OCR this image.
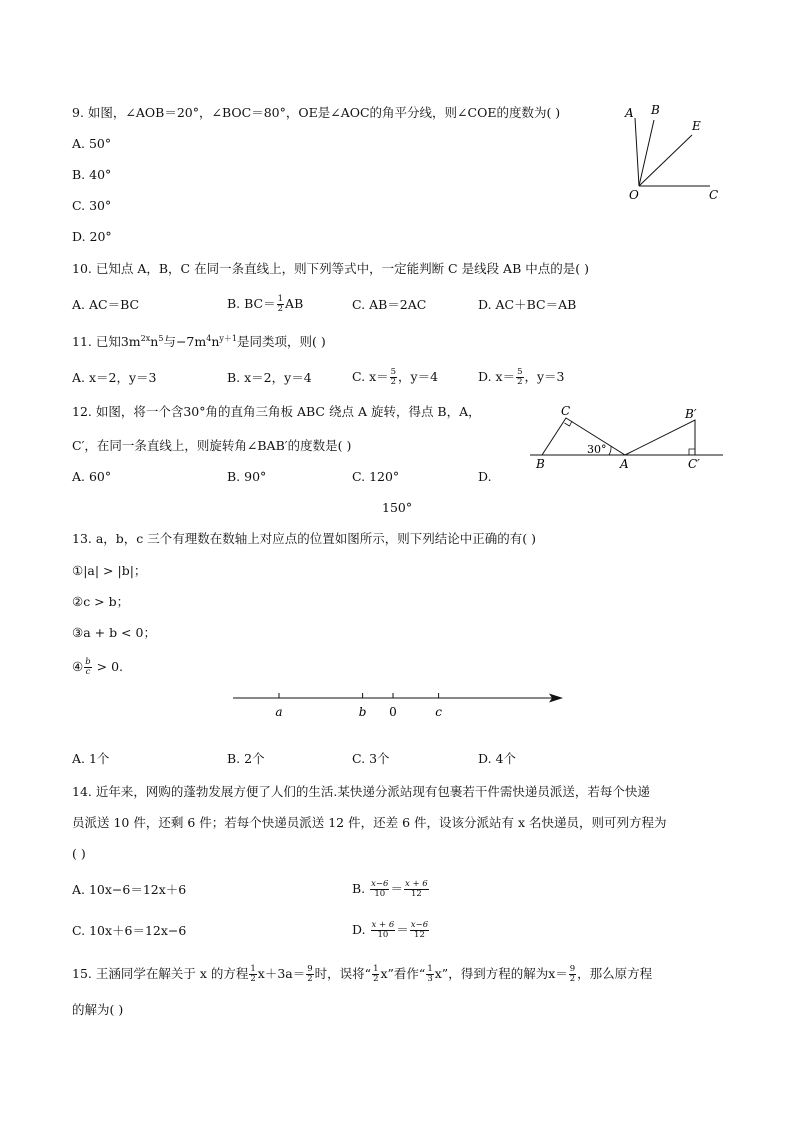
9. 如图，∠AOB＝20°，∠BOC＝80°，OE是∠AOC的角平分线，则∠COE的度数为( )
A. 50°
B. 40°
C. 30°
D. 20°
A B
E
O	C
10. 已知点 A，B，C 在同一条直线上，则下列等式中，一定能判断 C 是线段 AB 中点的是( )
A. AC＝BC	B. $BC= \frac{1}{2}$ AB	C. AB＝2AC	D. AC＋BC＝AB
11. 已知$3m^{2x}n^5$与$-7m^4n^{y+1}$是同类项，则( )
A. x＝2，y＝3	B. x＝2，y＝4	C. $x= \frac{5}{2}$ ，y＝4	D. $x= \frac{5}{2}$ ，y＝3
12. 如图，将一个含30°角的直角三角板 ABC 绕点 A 旋转，得点 B，A，
C′，在同一条直线上，则旋转角∠BAB′的度数是( )
A. 60°	B. 90°	C. 120°	D.
150°
C	B′
30°
B	A	C′
13. a，b，c 三个有理数在数轴上对应点的位置如图所示，则下列结论中正确的有( )
①|a| > |b|；
②c > b；
③a + b < 0；
④ $\frac{b}{c} > 0$.
a	b 0	c
A. 1个	B. 2个	C. 3个	D. 4个
14. 近年来，网购的蓬勃发展方便了人们的生活.某快递分派站现有包裹若干件需快递员派送，若每个快递
员派送 10 件，还剩 6 件；若每个快递员派送 12 件，还差 6 件，设该分派站有 x 名快递员，则可列方程为
( )
A. 10x−6＝12x＋6	B. $\frac{x-6}{10} = \frac{x + 6}{12}$
C. 10x＋6＝12x−6	D. $\frac{x + 6}{10} = \frac{x-6}{12}$
15. 王涵同学在解关于 x 的方程 $\frac{1}{2} x+3a= \frac{9}{2}$ 时，误将“ $\frac{1}{2} x$”看作“ $\frac{1}{3} x$”，得到方程的解为$x= \frac{9}{2}$ ，那么原方程
的解为( )
